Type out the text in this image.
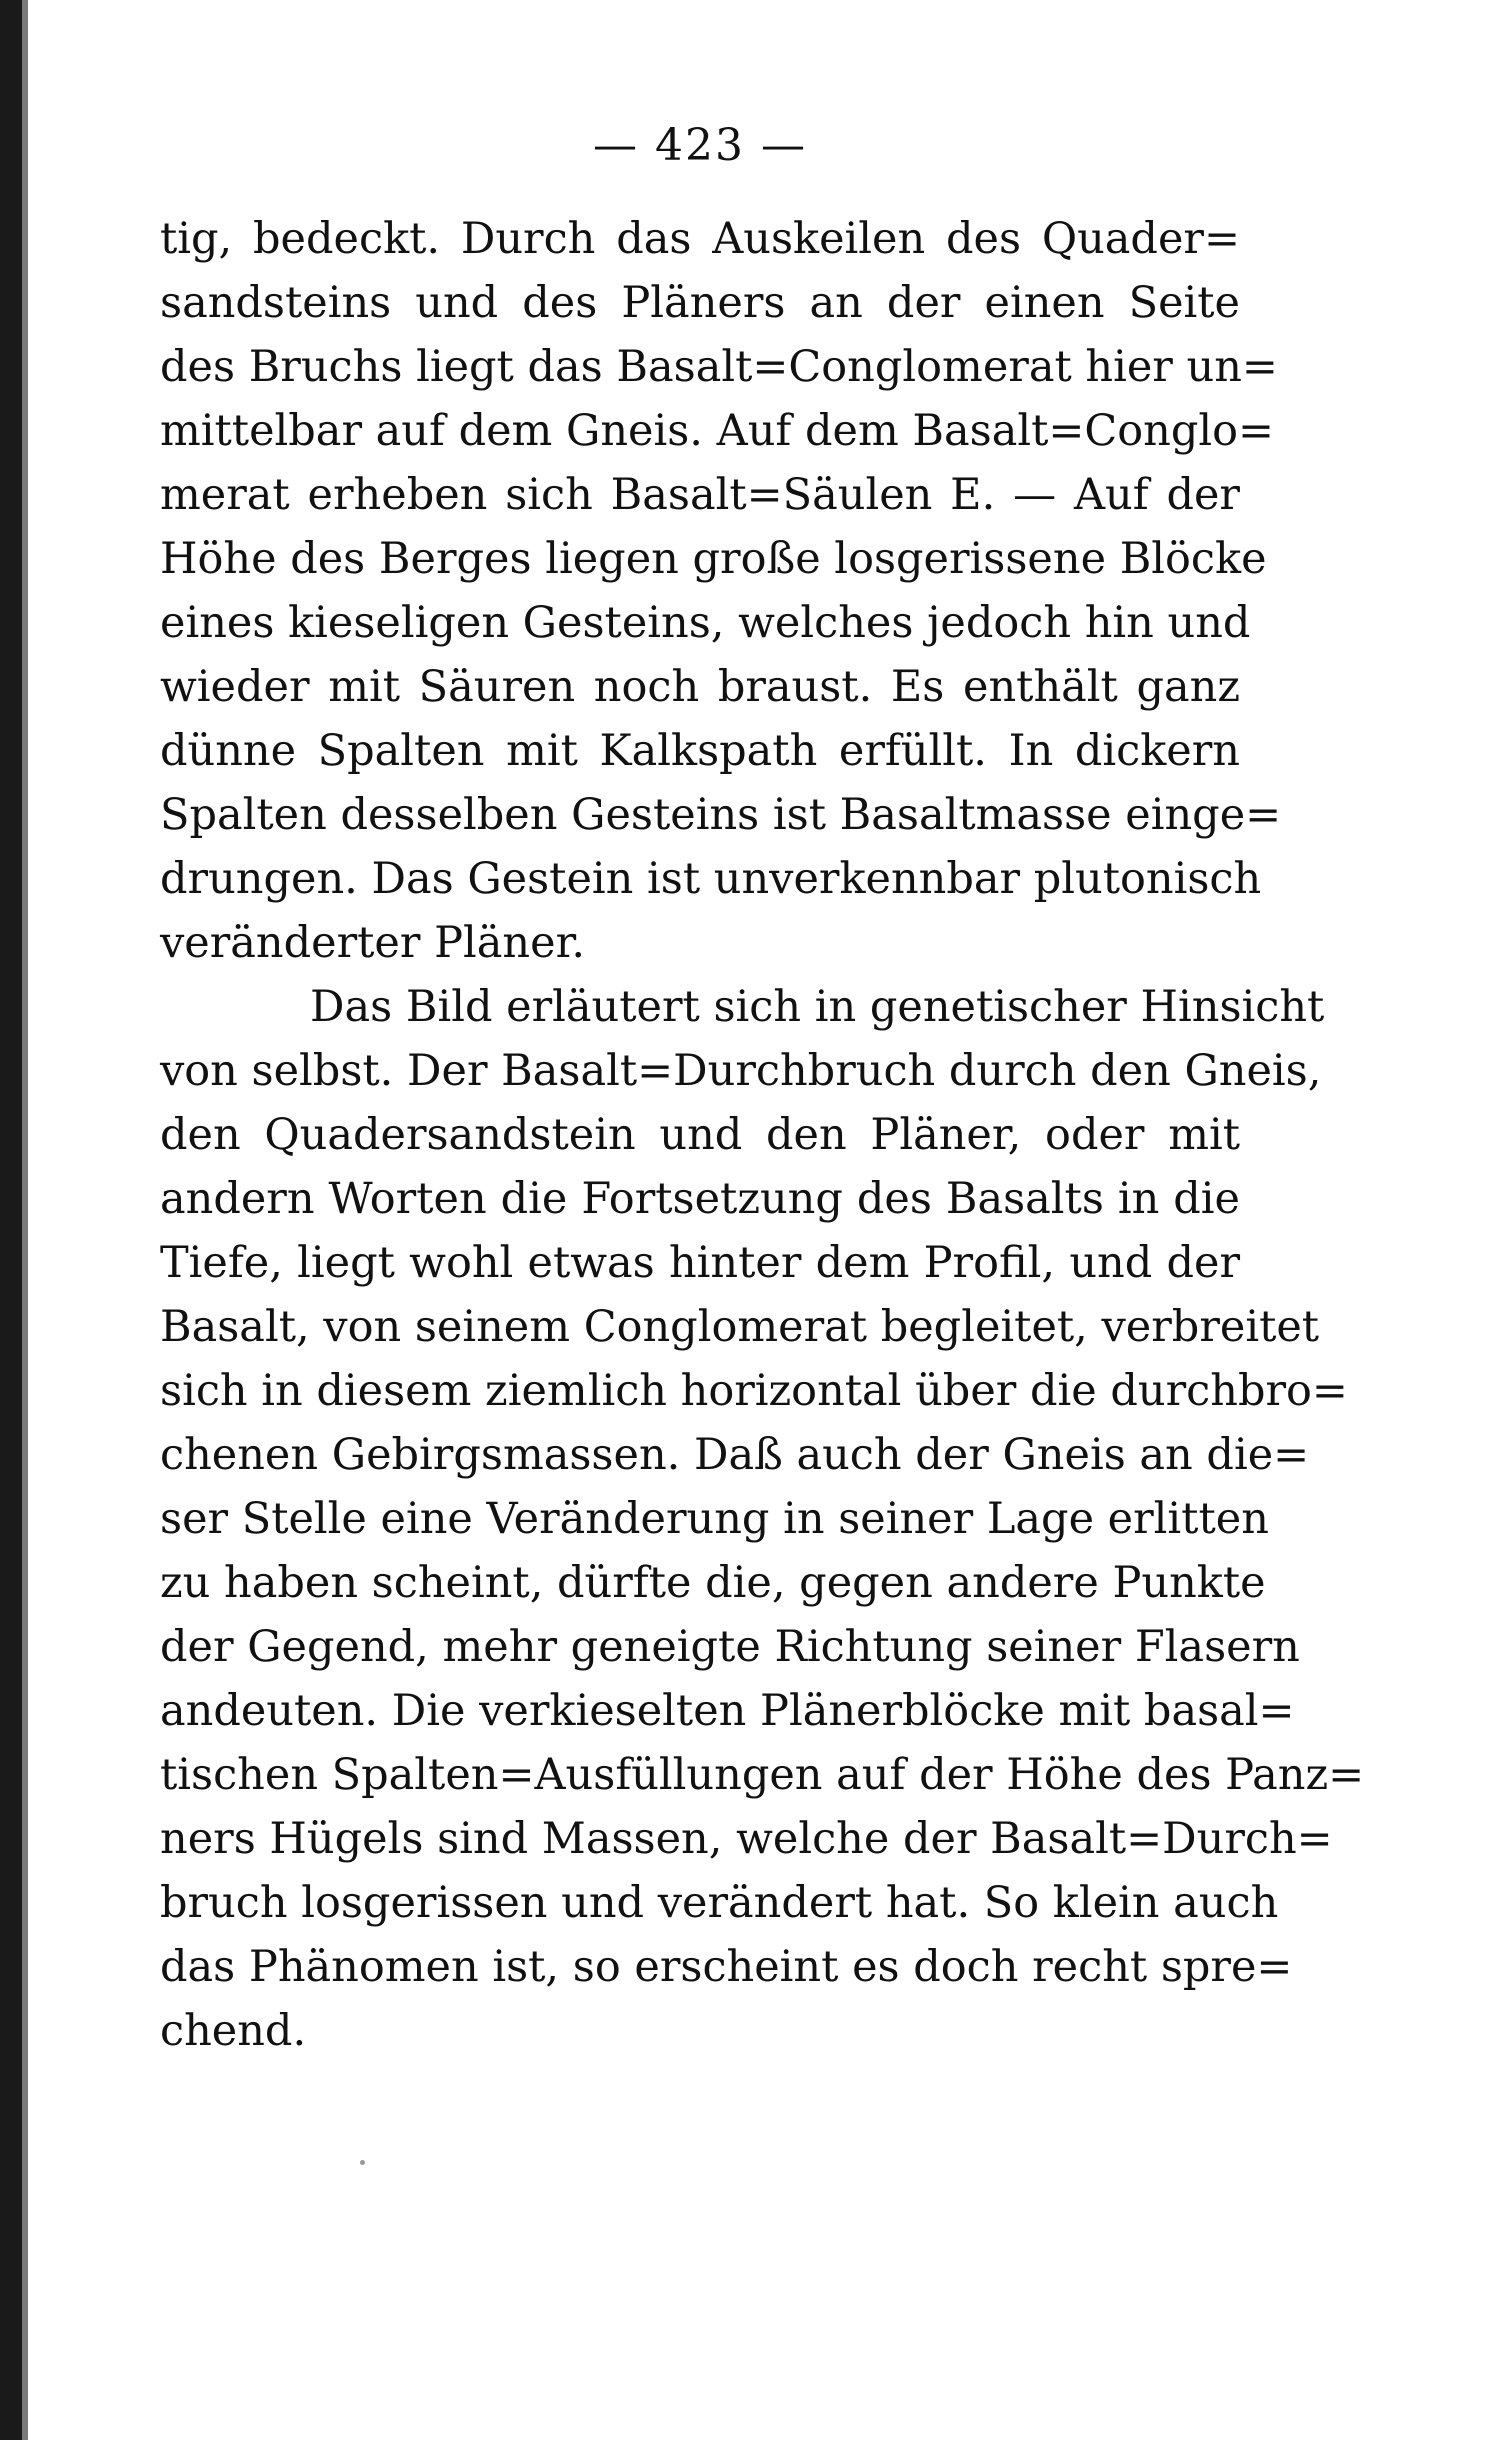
— 423 —
tig, bedeckt. Durch das Auskeilen des Quader=
sandsteins und des Pläners an der einen Seite
des Bruchs liegt das Basalt=Conglomerat hier un=
mittelbar auf dem Gneis. Auf dem Basalt=Conglo=
merat erheben sich Basalt=Säulen E. — Auf der
Höhe des Berges liegen große losgerissene Blöcke
eines kieseligen Gesteins, welches jedoch hin und
wieder mit Säuren noch braust. Es enthält ganz
dünne Spalten mit Kalkspath erfüllt. In dickern
Spalten desselben Gesteins ist Basaltmasse einge=
drungen. Das Gestein ist unverkennbar plutonisch
veränderter Pläner.
Das Bild erläutert sich in genetischer Hinsicht
von selbst. Der Basalt=Durchbruch durch den Gneis,
den Quadersandstein und den Pläner, oder mit
andern Worten die Fortsetzung des Basalts in die
Tiefe, liegt wohl etwas hinter dem Profil, und der
Basalt, von seinem Conglomerat begleitet, verbreitet
sich in diesem ziemlich horizontal über die durchbro=
chenen Gebirgsmassen. Daß auch der Gneis an die=
ser Stelle eine Veränderung in seiner Lage erlitten
zu haben scheint, dürfte die, gegen andere Punkte
der Gegend, mehr geneigte Richtung seiner Flasern
andeuten. Die verkieselten Plänerblöcke mit basal=
tischen Spalten=Ausfüllungen auf der Höhe des Panz=
ners Hügels sind Massen, welche der Basalt=Durch=
bruch losgerissen und verändert hat. So klein auch
das Phänomen ist, so erscheint es doch recht spre=
chend.
